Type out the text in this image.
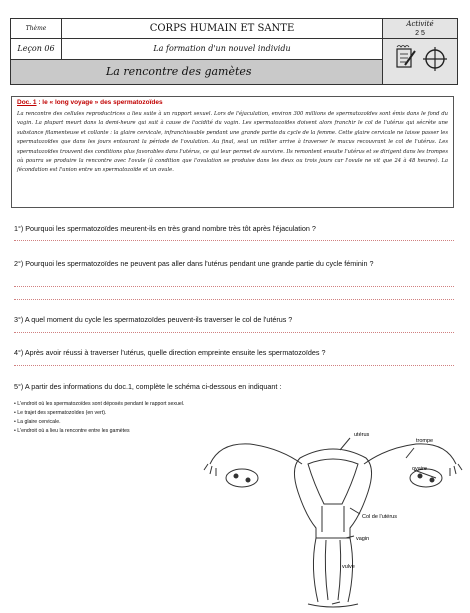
Thème	CORPS HUMAIN ET SANTE	Activité
2 5

Leçon 06	La formation d'un nouvel individu	
La rencontre des gamètes		
Doc. 1 : le « long voyage » des spermatozoïdes
La rencontre des cellules reproductrices a lieu suite à un rapport sexuel. Lors de l'éjaculation, environ 300 millions de spermatozoïdes sont émis dans le fond du vagin. La plupart meurt dans la demi-heure qui suit à cause de l'acidité du vagin. Les spermatozoïdes doivent alors franchir le col de l'utérus qui sécrète une substance filamenteuse et collante : la glaire cervicale, infranchissable pendant une grande partie du cycle de la femme. Cette glaire cervicale ne laisse passer les spermatozoïdes que dans les jours entourant la période de l'ovulation. Au final, seul un millier arrive à traverser le mucus recouvrant le col de l'utérus. Les spermatozoïdes trouvent des conditions plus favorables dans l'utérus, ce qui leur permet de survivre. Ils remontent ensuite l'utérus et se dirigent dans les trompes où pourra se produire la rencontre avec l'ovule (à condition que l'ovulation se produise dans les deux ou trois jours car l'ovule ne vit que 24 à 48 heures). La fécondation est l'union entre un spermatozoïde et un ovule.
1°) Pourquoi les spermatozoïdes meurent-ils en très grand nombre très tôt après l'éjaculation ?
2°) Pourquoi les spermatozoïdes ne peuvent pas aller dans l'utérus pendant une grande partie du cycle féminin ?
3°) A quel moment du cycle les spermatozoïdes peuvent-ils traverser le col de l'utérus ?
4°) Après avoir réussi à traverser l'utérus, quelle direction empreinte ensuite les spermatozoïdes ?
5°) A partir des informations du doc.1, complète le schéma ci-dessous en indiquant :
• L'endroit où les spermatozoïdes sont déposés pendant le rapport sexuel.
• Le trajet des spermatozoïdes (en vert).
• La glaire cervicale.
• L'endroit où a lieu la rencontre entre les gamètes
utérus
trompe
ovaire
Col de l'utérus
vagin
vulve
